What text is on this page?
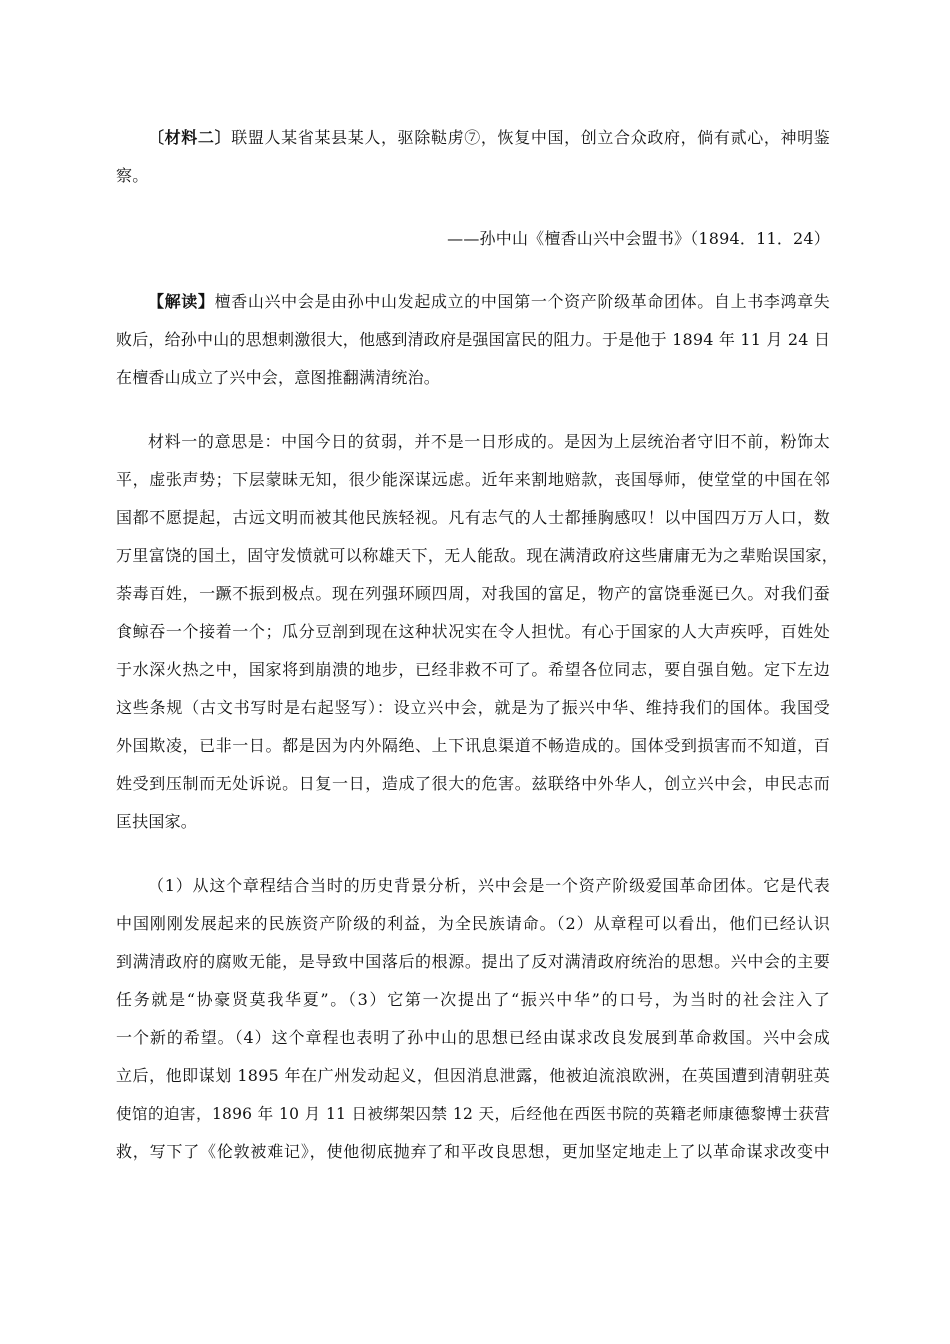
〔材料二〕联盟人某省某县某人，驱除鞑虏⑦，恢复中国，创立合众政府，倘有贰心，神明鉴
察。
——孙中山《檀香山兴中会盟书》（1894．11．24）
【解读】檀香山兴中会是由孙中山发起成立的中国第一个资产阶级革命团体。自上书李鸿章失
败后，给孙中山的思想刺激很大，他感到清政府是强国富民的阻力。于是他于 1894 年 11 月 24 日
在檀香山成立了兴中会，意图推翻满清统治。
材料一的意思是：中国今日的贫弱，并不是一日形成的。是因为上层统治者守旧不前，粉饰太
平，虚张声势；下层蒙昧无知，很少能深谋远虑。近年来割地赔款，丧国辱师，使堂堂的中国在邻
国都不愿提起，古远文明而被其他民族轻视。凡有志气的人士都捶胸感叹！以中国四万万人口，数
万里富饶的国土，固守发愤就可以称雄天下，无人能敌。现在满清政府这些庸庸无为之辈贻误国家，
荼毒百姓，一蹶不振到极点。现在列强环顾四周，对我国的富足，物产的富饶垂涎已久。对我们蚕
食鲸吞一个接着一个；瓜分豆剖到现在这种状况实在令人担忧。有心于国家的人大声疾呼，百姓处
于水深火热之中，国家将到崩溃的地步，已经非救不可了。希望各位同志，要自强自勉。定下左边
这些条规（古文书写时是右起竖写）：设立兴中会，就是为了振兴中华、维持我们的国体。我国受
外国欺凌，已非一日。都是因为内外隔绝、上下讯息渠道不畅造成的。国体受到损害而不知道，百
姓受到压制而无处诉说。日复一日，造成了很大的危害。兹联络中外华人，创立兴中会，申民志而
匡扶国家。
（1）从这个章程结合当时的历史背景分析，兴中会是一个资产阶级爱国革命团体。它是代表
中国刚刚发展起来的民族资产阶级的利益，为全民族请命。（2）从章程可以看出，他们已经认识
到满清政府的腐败无能，是导致中国落后的根源。提出了反对满清政府统治的思想。兴中会的主要
任务就是“协豪贤莫我华夏”。（3）它第一次提出了“振兴中华”的口号，为当时的社会注入了
一个新的希望。（4）这个章程也表明了孙中山的思想已经由谋求改良发展到革命救国。兴中会成
立后，他即谋划 1895 年在广州发动起义，但因消息泄露，他被迫流浪欧洲，在英国遭到清朝驻英
使馆的迫害，1896 年 10 月 11 日被绑架囚禁 12 天，后经他在西医书院的英籍老师康德黎博士获营
救，写下了《伦敦被难记》，使他彻底抛弃了和平改良思想，更加坚定地走上了以革命谋求改变中
